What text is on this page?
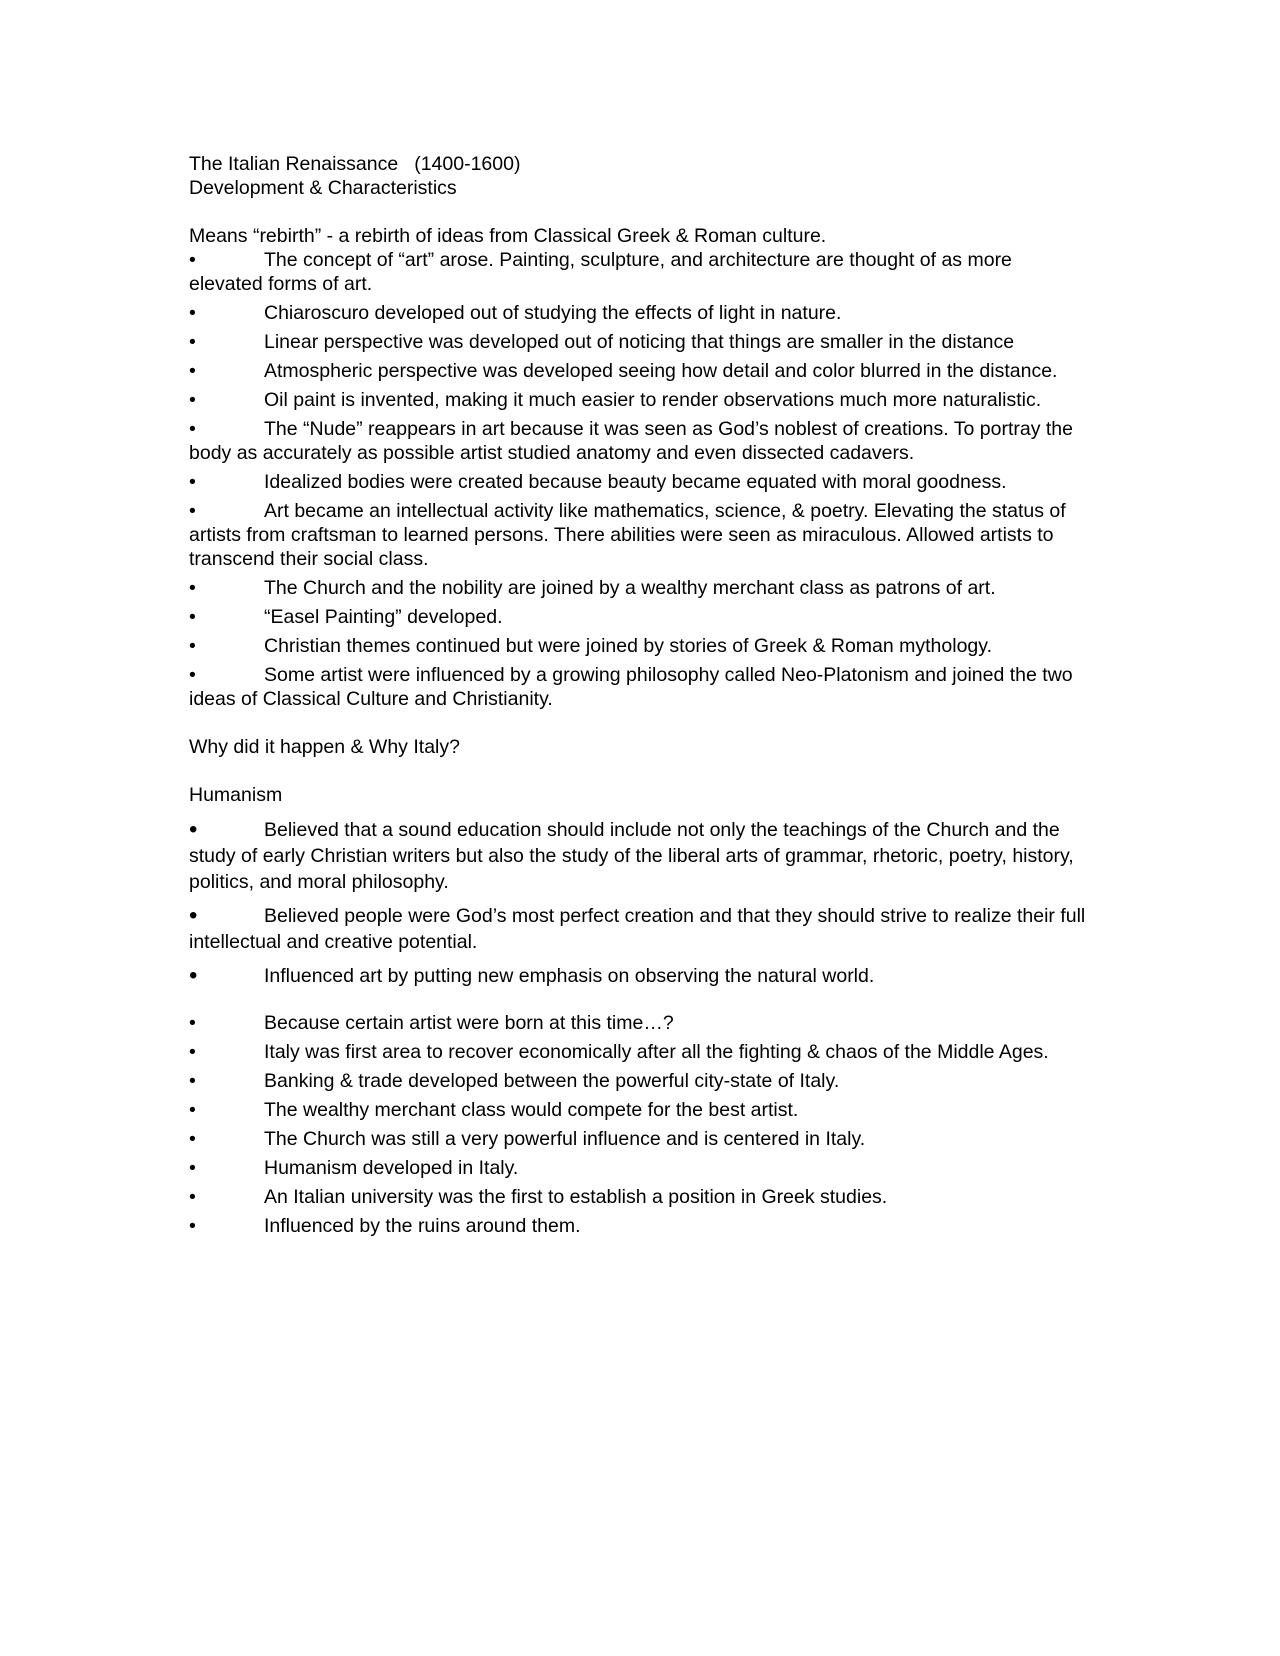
The Italian Renaissance (1400-1600)
Development & Characteristics

Means “rebirth” - a rebirth of ideas from Classical Greek & Roman culture.

•	The concept of “art” arose. Painting, sculpture, and architecture are thought of as more elevated forms of art.
•	Chiaroscuro developed out of studying the effects of light in nature.
•	Linear perspective was developed out of noticing that things are smaller in the distance
•	Atmospheric perspective was developed seeing how detail and color blurred in the distance.
•	Oil paint is invented, making it much easier to render observations much more naturalistic.
•	The “Nude” reappears in art because it was seen as God’s noblest of creations. To portray the body as accurately as possible artist studied anatomy and even dissected cadavers.
•	Idealized bodies were created because beauty became equated with moral goodness.
•	Art became an intellectual activity like mathematics, science, & poetry. Elevating the status of artists from craftsman to learned persons. There abilities were seen as miraculous. Allowed artists to transcend their social class.
•	The Church and the nobility are joined by a wealthy merchant class as patrons of art.
•	“Easel Painting” developed.
•	Christian themes continued but were joined by stories of Greek & Roman mythology.
•	Some artist were influenced by a growing philosophy called Neo-Platonism and joined the two ideas of Classical Culture and Christianity.

Why did it happen & Why Italy?

Humanism

•	Believed that a sound education should include not only the teachings of the Church and the study of early Christian writers but also the study of the liberal arts of grammar, rhetoric, poetry, history, politics, and moral philosophy.
•	Believed people were God’s most perfect creation and that they should strive to realize their full intellectual and creative potential.
•	Influenced art by putting new emphasis on observing the natural world.
•	Because certain artist were born at this time…?
•	Italy was first area to recover economically after all the fighting & chaos of the Middle Ages.
•	Banking & trade developed between the powerful city-state of Italy.
•	The wealthy merchant class would compete for the best artist.
•	The Church was still a very powerful influence and is centered in Italy.
•	Humanism developed in Italy.
•	An Italian university was the first to establish a position in Greek studies.
•	Influenced by the ruins around them.
